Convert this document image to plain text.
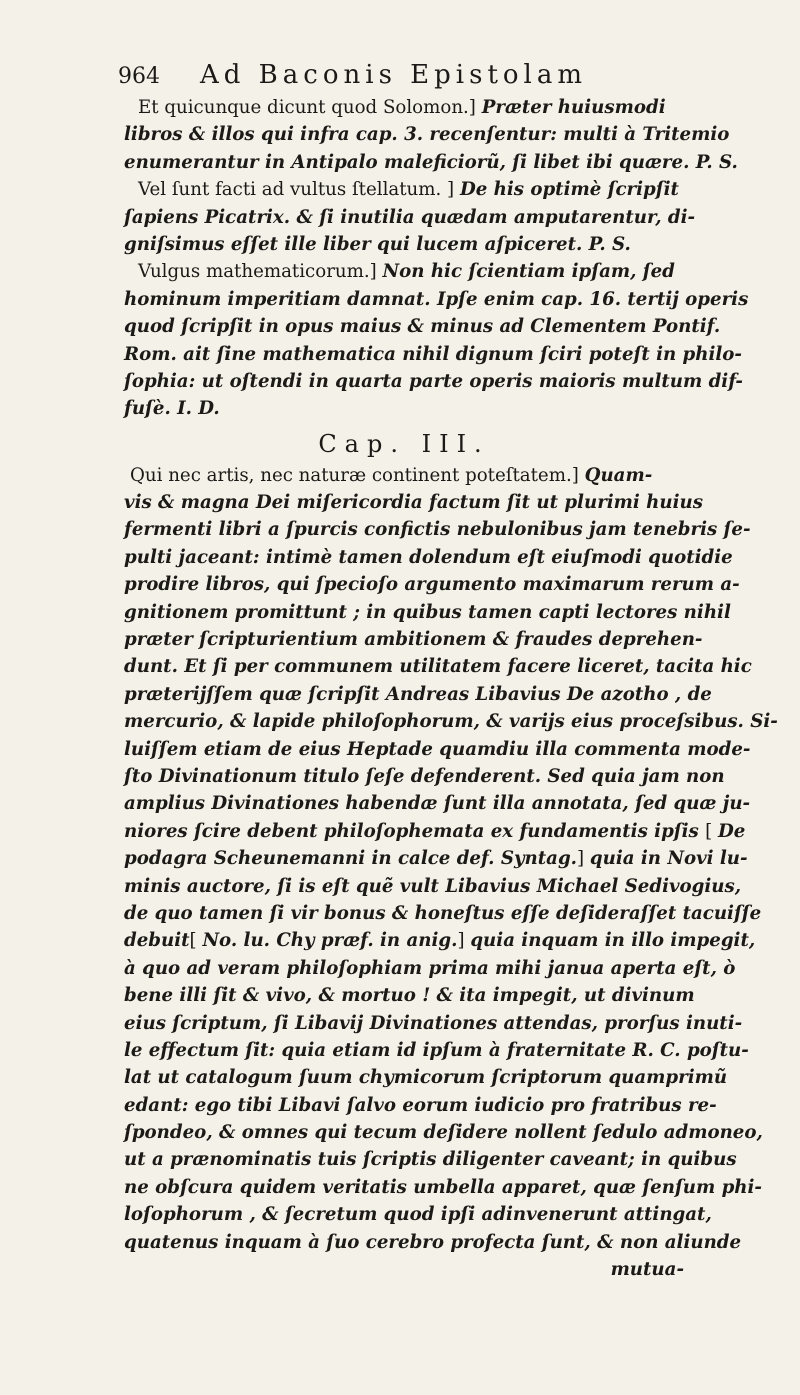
964 Ad Baconis Epistolam
Et quicunque dicunt quod Solomon.] Præter huiusmodi
libros & illos qui infra cap. 3. recenſentur: multi à Tritemio
enumerantur in Antipalo maleficiorũ, ſi libet ibi quære. P. S.
Vel ſunt facti ad vultus ſtellatum. ] De his optimè ſcripſit
ſapiens Picatrix. & ſi inutilia quædam amputarentur, di-
gniſsimus eſſet ille liber qui lucem aſpiceret. P. S.
Vulgus mathematicorum.] Non hic ſcientiam ipſam, ſed
hominum imperitiam damnat. Ipſe enim cap. 16. tertij operis
quod ſcripſit in opus maius & minus ad Clementem Pontif.
Rom. ait ſine mathematica nihil dignum ſciri poteſt in philo-
ſophia: ut oſtendi in quarta parte operis maioris multum dif-
fuſè. I. D.
Cap. III.
Qui nec artis, nec naturæ continent poteſtatem.] Quam-
vis & magna Dei miſericordia factum ſit ut plurimi huius
fermenti libri a ſpurcis confictis nebulonibus jam tenebris ſe-
pulti jaceant: intimè tamen dolendum eſt eiuſmodi quotidie
prodire libros, qui ſpecioſo argumento maximarum rerum a-
gnitionem promittunt ; in quibus tamen capti lectores nihil
præter ſcripturientium ambitionem & fraudes deprehen-
dunt. Et ſi per communem utilitatem facere liceret, tacita hic
præterijſſem quæ ſcripſit Andreas Libavius De azotho , de
mercurio, & lapide philoſophorum, & varijs eius proceſsibus. Si-
luiſſem etiam de eius Heptade quamdiu illa commenta mode-
ſto Divinationum titulo ſeſe defenderent. Sed quia jam non
amplius Divinationes habendæ ſunt illa annotata, ſed quæ ju-
niores ſcire debent philoſophemata ex fundamentis ipſis [ De
podagra Scheunemanni in calce def. Syntag.] quia in Novi lu-
minis auctore, ſi is eſt quẽ vult Libavius Michael Sedivogius,
de quo tamen ſi vir bonus & honeſtus eſſe deſideraſſet tacuiſſe
debuit[ No. lu. Chy præf. in anig.] quia inquam in illo impegit,
à quo ad veram philoſophiam prima mihi janua aperta eſt, ò
bene illi ſit & vivo, & mortuo ! & ita impegit, ut divinum
eius ſcriptum, ſi Libavij Divinationes attendas, prorſus inuti-
le effectum ſit: quia etiam id ipſum à fraternitate R. C. poſtu-
lat ut catalogum ſuum chymicorum ſcriptorum quamprimũ
edant: ego tibi Libavi ſalvo eorum iudicio pro fratribus re-
ſpondeo, & omnes qui tecum deſidere nollent ſedulo admoneo,
ut a prænominatis tuis ſcriptis diligenter caveant; in quibus
ne obſcura quidem veritatis umbella apparet, quæ ſenſum phi-
loſophorum , & ſecretum quod ipſi adinvenerunt attingat,
quatenus inquam à ſuo cerebro profecta ſunt, & non aliunde
mutua-
